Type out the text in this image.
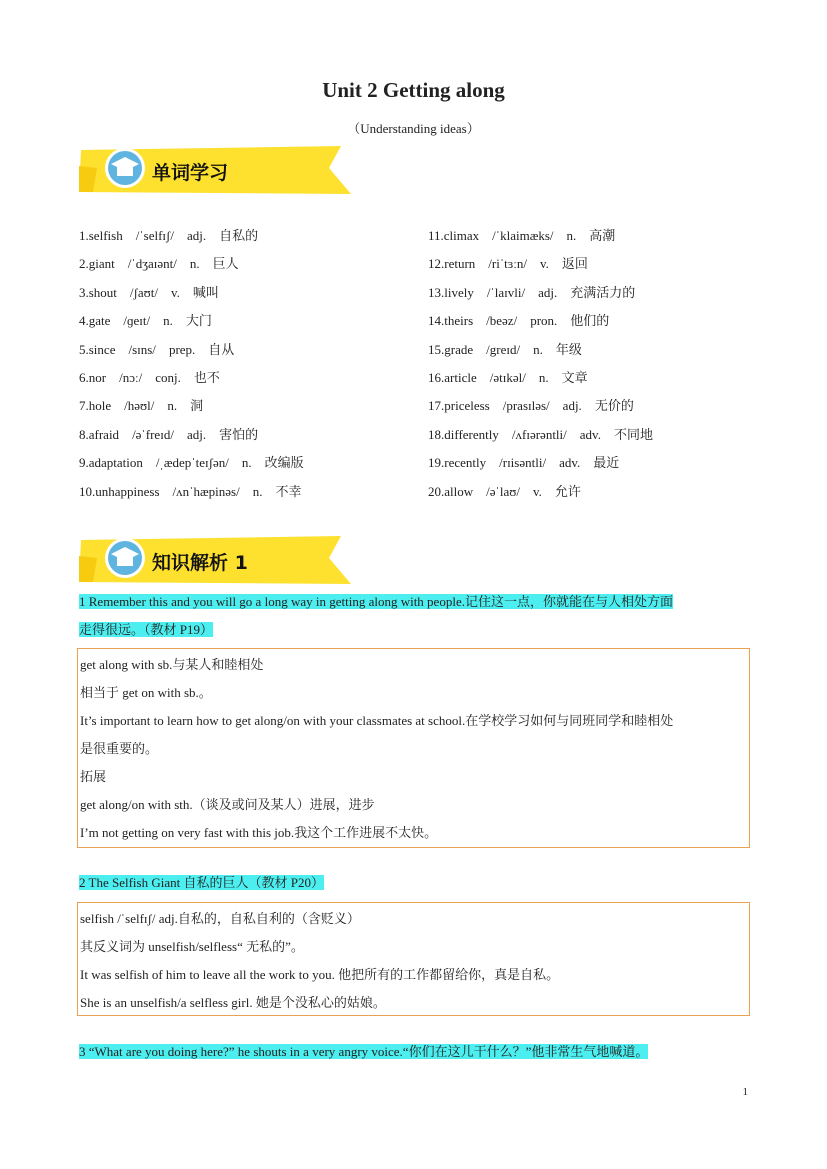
Unit 2 Getting along
（Understanding ideas）
单词学习
1.selfish /ˈselfɪʃ/ adj. 自私的
2.giant /ˈdʒaɪənt/ n. 巨人
3.shout /ʃaʊt/ v. 喊叫
4.gate /ɡeɪt/ n. 大门
5.since /sɪns/ prep. 自从
6.nor /nɔː/ conj. 也不
7.hole /həʊl/ n. 洞
8.afraid /əˈfreɪd/ adj. 害怕的
9.adaptation /ˌædepˈteɪʃən/ n. 改编版
10.unhappiness /ʌnˈhæpinəs/ n. 不幸
11.climax /ˈklaimæks/ n. 高潮
12.return /riˈtɜːn/ v. 返回
13.lively /ˈlaɪvli/ adj. 充满活力的
14.theirs /beəz/ pron. 他们的
15.grade /greɪd/ n. 年级
16.article /ətɪkəl/ n. 文章
17.priceless /prasɪləs/ adj. 无价的
18.differently /ʌfɪərəntli/ adv. 不同地
19.recently /rɪisəntli/ adv. 最近
20.allow /əˈlaʊ/ v. 允许
知识解析 1
1 Remember this and you will go a long way in getting along with people.记住这一点，你就能在与人相处方面
走得很远。（教材 P19）
get along with sb.与某人和睦相处
相当于 get on with sb.。
It’s important to learn how to get along/on with your classmates at school.在学校学习如何与同班同学和睦相处
是很重要的。
拓展
get along/on with sth.（谈及或问及某人）进展，进步
I’m not getting on very fast with this job.我这个工作进展不太快。
2 The Selfish Giant 自私的巨人（教材 P20）
selfish /ˈselfɪʃ/ adj.自私的，自私自利的（含贬义）
其反义词为 unselfish/selfless“ 无私的”。
It was selfish of him to leave all the work to you. 他把所有的工作都留给你，真是自私。
She is an unselfish/a selfless girl. 她是个没私心的姑娘。
3 “What are you doing here?” he shouts in a very angry voice.“你们在这儿干什么？”他非常生气地喊道。
1
